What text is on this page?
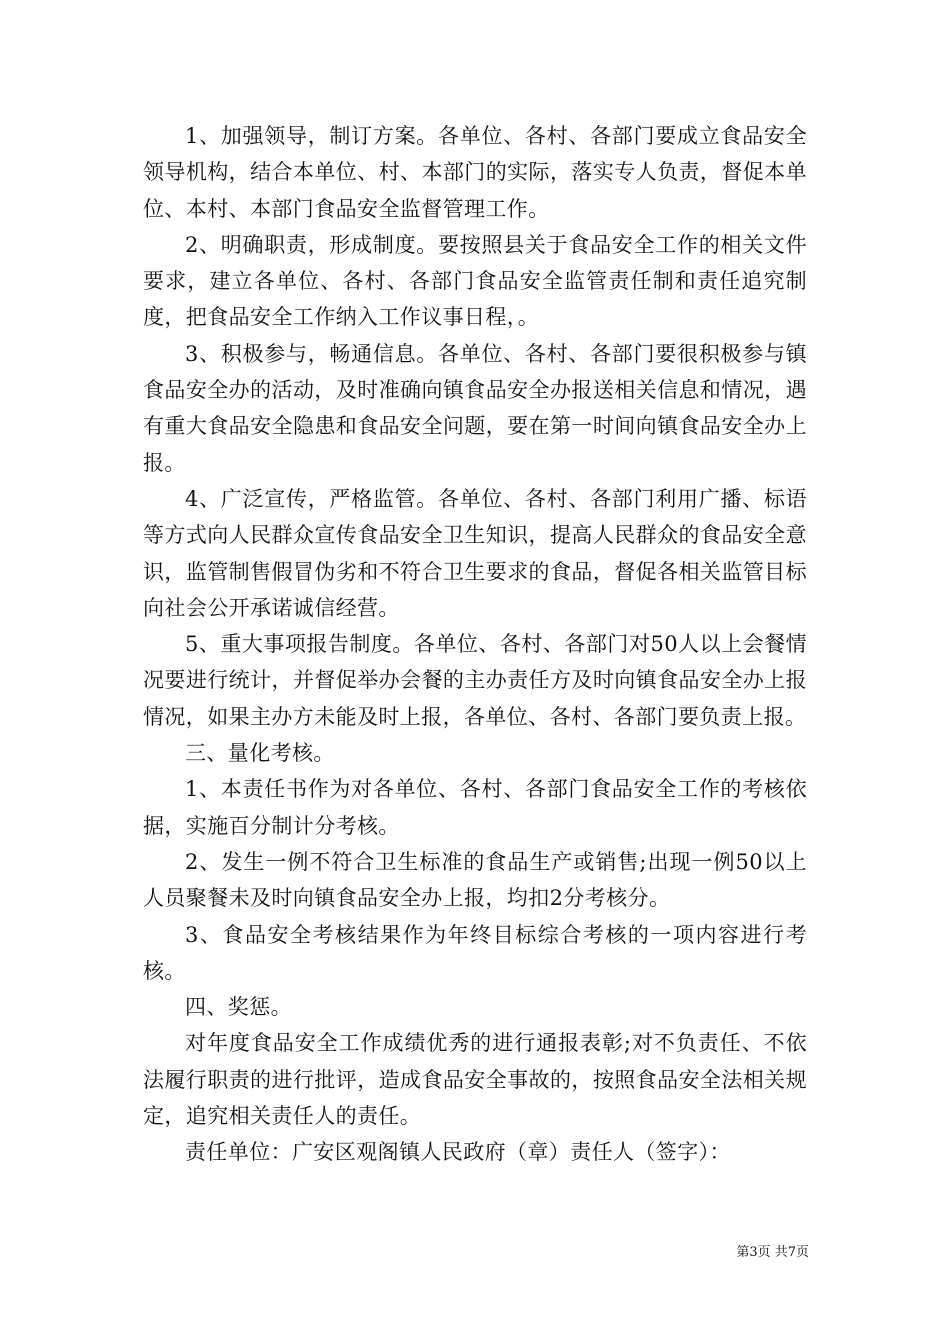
1、加强领导，制订方案。各单位、各村、各部门要成立食品安全领导机构，结合本单位、村、本部门的实际，落实专人负责，督促本单位、本村、本部门食品安全监督管理工作。

2、明确职责，形成制度。要按照县关于食品安全工作的相关文件要求，建立各单位、各村、各部门食品安全监管责任制和责任追究制度，把食品安全工作纳入工作议事日程，。

3、积极参与，畅通信息。各单位、各村、各部门要很积极参与镇食品安全办的活动，及时准确向镇食品安全办报送相关信息和情况，遇有重大食品安全隐患和食品安全问题，要在第一时间向镇食品安全办上报。

4、广泛宣传，严格监管。各单位、各村、各部门利用广播、标语等方式向人民群众宣传食品安全卫生知识，提高人民群众的食品安全意识，监管制售假冒伪劣和不符合卫生要求的食品，督促各相关监管目标向社会公开承诺诚信经营。

5、重大事项报告制度。各单位、各村、各部门对50人以上会餐情况要进行统计，并督促举办会餐的主办责任方及时向镇食品安全办上报情况，如果主办方未能及时上报，各单位、各村、各部门要负责上报。

三、量化考核。

1、本责任书作为对各单位、各村、各部门食品安全工作的考核依据，实施百分制计分考核。

2、发生一例不符合卫生标准的食品生产或销售;出现一例50以上人员聚餐未及时向镇食品安全办上报，均扣2分考核分。

3、食品安全考核结果作为年终目标综合考核的一项内容进行考核。

四、奖惩。

对年度食品安全工作成绩优秀的进行通报表彰;对不负责任、不依法履行职责的进行批评，造成食品安全事故的，按照食品安全法相关规定，追究相关责任人的责任。

责任单位：广安区观阁镇人民政府（章）责任人（签字）：

第3页 共7页
